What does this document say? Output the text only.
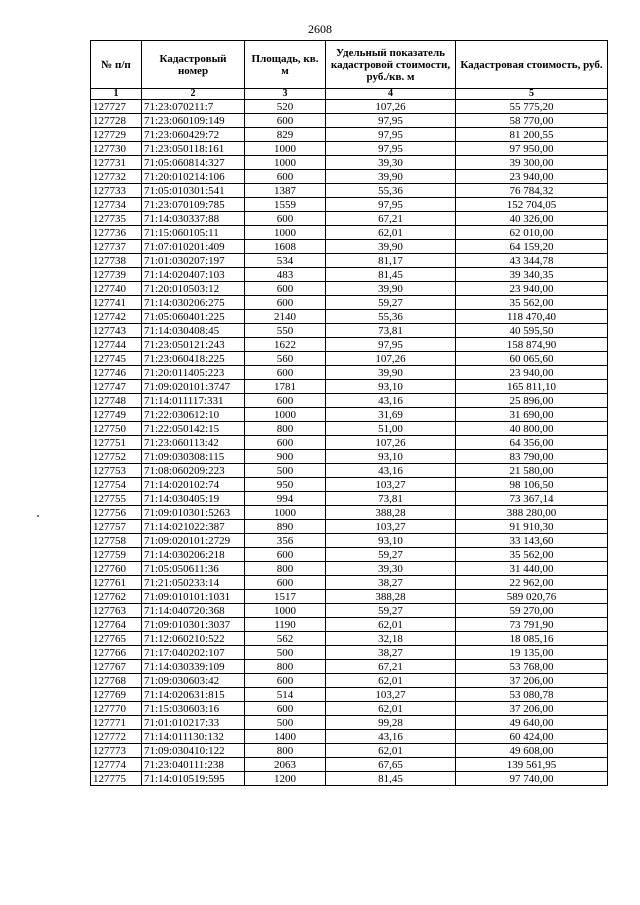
2608
№ п/п	Кадастровый номер	Площадь, кв. м	Удельный показатель кадастровой стоимости, руб./кв. м	Кадастровая стоимость, руб.
1	2	3	4	5
127727	71:23:070211:7	520	107,26	55 775,20
127728	71:23:060109:149	600	97,95	58 770,00
127729	71:23:060429:72	829	97,95	81 200,55
127730	71:23:050118:161	1000	97,95	97 950,00
127731	71:05:060814:327	1000	39,30	39 300,00
127732	71:20:010214:106	600	39,90	23 940,00
127733	71:05:010301:541	1387	55,36	76 784,32
127734	71:23:070109:785	1559	97,95	152 704,05
127735	71:14:030337:88	600	67,21	40 326,00
127736	71:15:060105:11	1000	62,01	62 010,00
127737	71:07:010201:409	1608	39,90	64 159,20
127738	71:01:030207:197	534	81,17	43 344,78
127739	71:14:020407:103	483	81,45	39 340,35
127740	71:20:010503:12	600	39,90	23 940,00
127741	71:14:030206:275	600	59,27	35 562,00
127742	71:05:060401:225	2140	55,36	118 470,40
127743	71:14:030408:45	550	73,81	40 595,50
127744	71:23:050121:243	1622	97,95	158 874,90
127745	71:23:060418:225	560	107,26	60 065,60
127746	71:20:011405:223	600	39,90	23 940,00
127747	71:09:020101:3747	1781	93,10	165 811,10
127748	71:14:011117:331	600	43,16	25 896,00
127749	71:22:030612:10	1000	31,69	31 690,00
127750	71:22:050142:15	800	51,00	40 800,00
127751	71:23:060113:42	600	107,26	64 356,00
127752	71:09:030308:115	900	93,10	83 790,00
127753	71:08:060209:223	500	43,16	21 580,00
127754	71:14:020102:74	950	103,27	98 106,50
127755	71:14:030405:19	994	73,81	73 367,14
127756	71:09:010301:5263	1000	388,28	388 280,00
127757	71:14:021022:387	890	103,27	91 910,30
127758	71:09:020101:2729	356	93,10	33 143,60
127759	71:14:030206:218	600	59,27	35 562,00
127760	71:05:050611:36	800	39,30	31 440,00
127761	71:21:050233:14	600	38,27	22 962,00
127762	71:09:010101:1031	1517	388,28	589 020,76
127763	71:14:040720:368	1000	59,27	59 270,00
127764	71:09:010301:3037	1190	62,01	73 791,90
127765	71:12:060210:522	562	32,18	18 085,16
127766	71:17:040202:107	500	38,27	19 135,00
127767	71:14:030339:109	800	67,21	53 768,00
127768	71:09:030603:42	600	62,01	37 206,00
127769	71:14:020631:815	514	103,27	53 080,78
127770	71:15:030603:16	600	62,01	37 206,00
127771	71:01:010217:33	500	99,28	49 640,00
127772	71:14:011130:132	1400	43,16	60 424,00
127773	71:09:030410:122	800	62,01	49 608,00
127774	71:23:040111:238	2063	67,65	139 561,95
127775	71:14:010519:595	1200	81,45	97 740,00
